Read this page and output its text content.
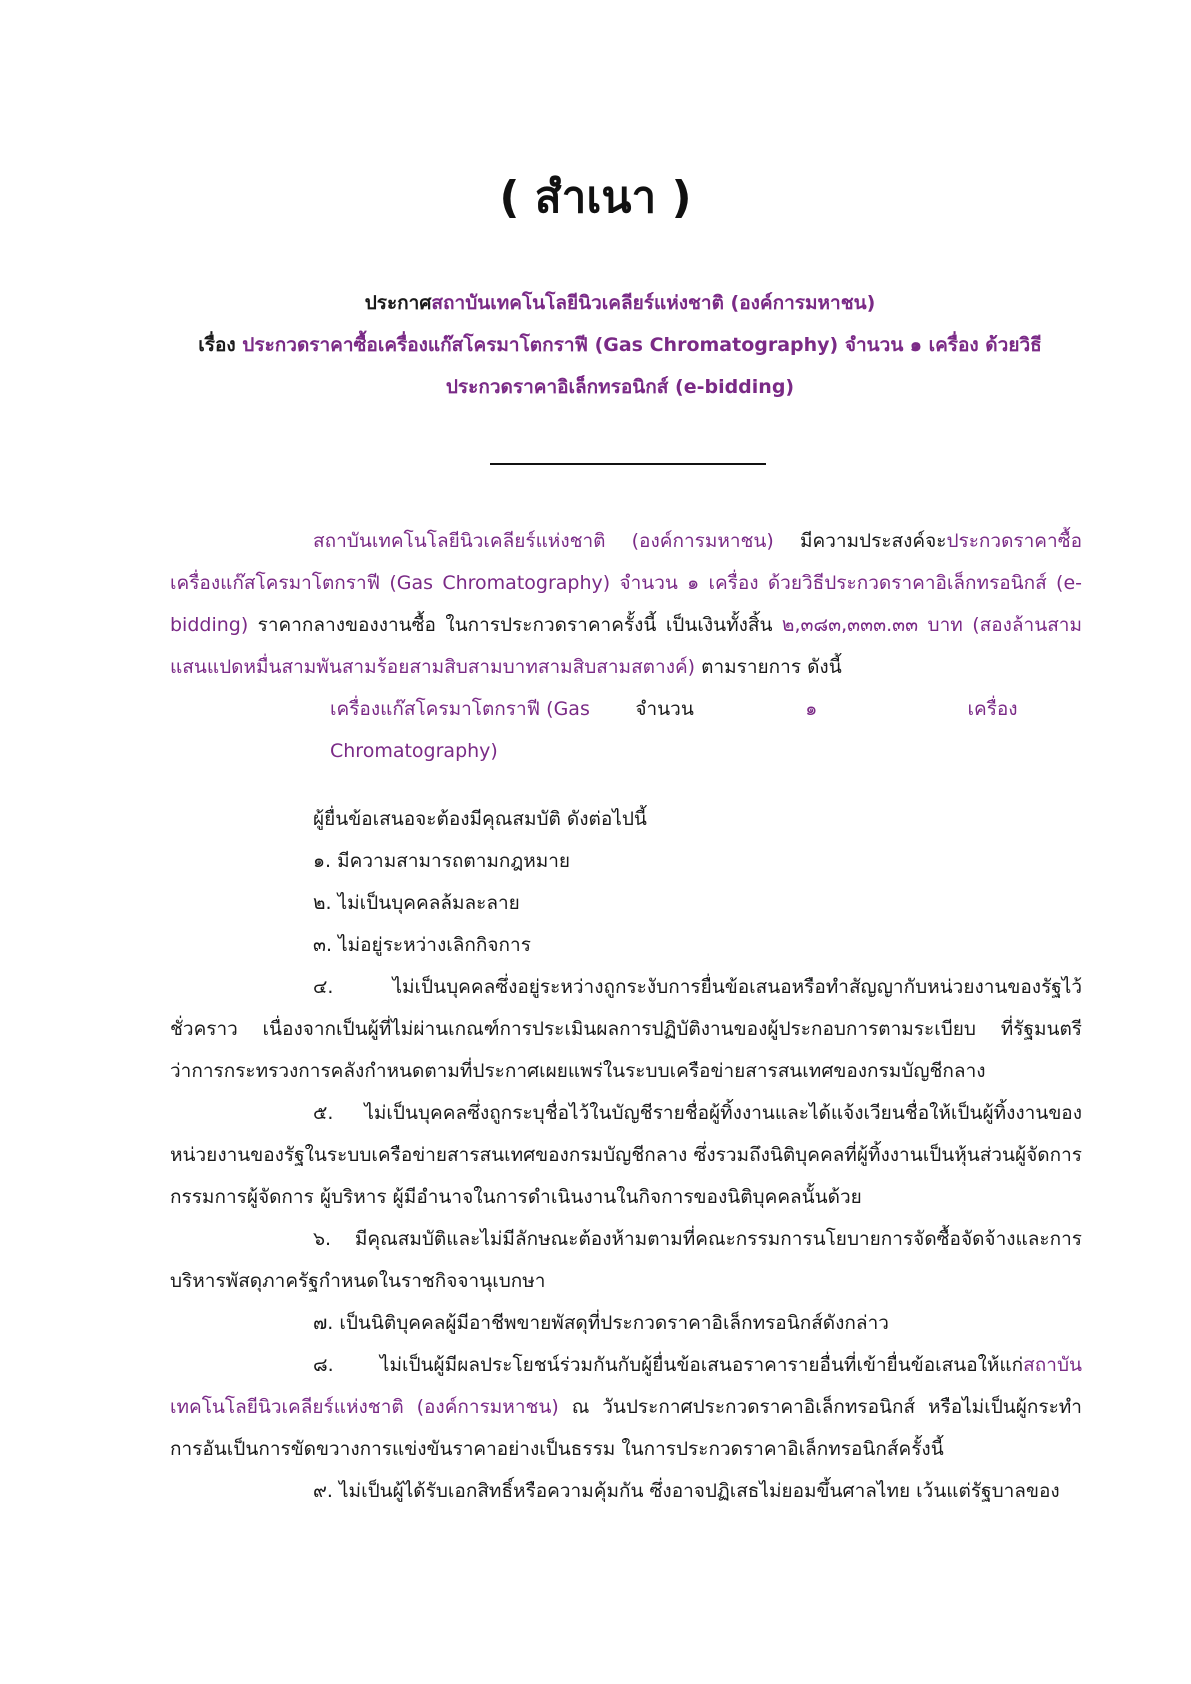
( สำเนา )
ประกาศสถาบันเทคโนโลยีนิวเคลียร์แห่งชาติ (องค์การมหาชน)
เรื่อง ประกวดราคาซื้อเครื่องแก๊สโครมาโตกราฟี (Gas Chromatography) จำนวน ๑ เครื่อง ด้วยวิธี
ประกวดราคาอิเล็กทรอนิกส์ (e-bidding)

สถาบันเทคโนโลยีนิวเคลียร์แห่งชาติ (องค์การมหาชน) มีความประสงค์จะประกวดราคาซื้อเครื่องแก๊สโครมาโตกราฟี (Gas Chromatography) จำนวน ๑ เครื่อง ด้วยวิธีประกวดราคาอิเล็กทรอนิกส์ (e-bidding) ราคากลางของงานซื้อ ในการประกวดราคาครั้งนี้ เป็นเงินทั้งสิ้น ๒,๓๘๓,๓๓๓.๓๓ บาท (สองล้านสามแสนแปดหมื่นสามพันสามร้อยสามสิบสามบาทสามสิบสามสตางค์) ตามรายการ ดังนี้

เครื่องแก๊สโครมาโตกราฟี (Gas Chromatography)
จำนวน	๑	เครื่อง

ผู้ยื่นข้อเสนอจะต้องมีคุณสมบัติ ดังต่อไปนี้

๑. มีความสามารถตามกฎหมาย

๒. ไม่เป็นบุคคลล้มละลาย

๓. ไม่อยู่ระหว่างเลิกกิจการ

๔. ไม่เป็นบุคคลซึ่งอยู่ระหว่างถูกระงับการยื่นข้อเสนอหรือทำสัญญากับหน่วยงานของรัฐไว้ชั่วคราว เนื่องจากเป็นผู้ที่ไม่ผ่านเกณฑ์การประเมินผลการปฏิบัติงานของผู้ประกอบการตามระเบียบ ที่รัฐมนตรีว่าการกระทรวงการคลังกำหนดตามที่ประกาศเผยแพร่ในระบบเครือข่ายสารสนเทศของกรมบัญชีกลาง

๕. ไม่เป็นบุคคลซึ่งถูกระบุชื่อไว้ในบัญชีรายชื่อผู้ทิ้งงานและได้แจ้งเวียนชื่อให้เป็นผู้ทิ้งงานของหน่วยงานของรัฐในระบบเครือข่ายสารสนเทศของกรมบัญชีกลาง ซึ่งรวมถึงนิติบุคคลที่ผู้ทิ้งงานเป็นหุ้นส่วนผู้จัดการ กรรมการผู้จัดการ ผู้บริหาร ผู้มีอำนาจในการดำเนินงานในกิจการของนิติบุคคลนั้นด้วย

๖. มีคุณสมบัติและไม่มีลักษณะต้องห้ามตามที่คณะกรรมการนโยบายการจัดซื้อจัดจ้างและการบริหารพัสดุภาครัฐกำหนดในราชกิจจานุเบกษา

๗. เป็นนิติบุคคลผู้มีอาชีพขายพัสดุที่ประกวดราคาอิเล็กทรอนิกส์ดังกล่าว

๘. ไม่เป็นผู้มีผลประโยชน์ร่วมกันกับผู้ยื่นข้อเสนอราคารายอื่นที่เข้ายื่นข้อเสนอให้แก่สถาบันเทคโนโลยีนิวเคลียร์แห่งชาติ (องค์การมหาชน) ณ วันประกาศประกวดราคาอิเล็กทรอนิกส์ หรือไม่เป็นผู้กระทำการอันเป็นการขัดขวางการแข่งขันราคาอย่างเป็นธรรม ในการประกวดราคาอิเล็กทรอนิกส์ครั้งนี้

๙. ไม่เป็นผู้ได้รับเอกสิทธิ์หรือความคุ้มกัน ซึ่งอาจปฏิเสธไม่ยอมขึ้นศาลไทย เว้นแต่รัฐบาลของ
